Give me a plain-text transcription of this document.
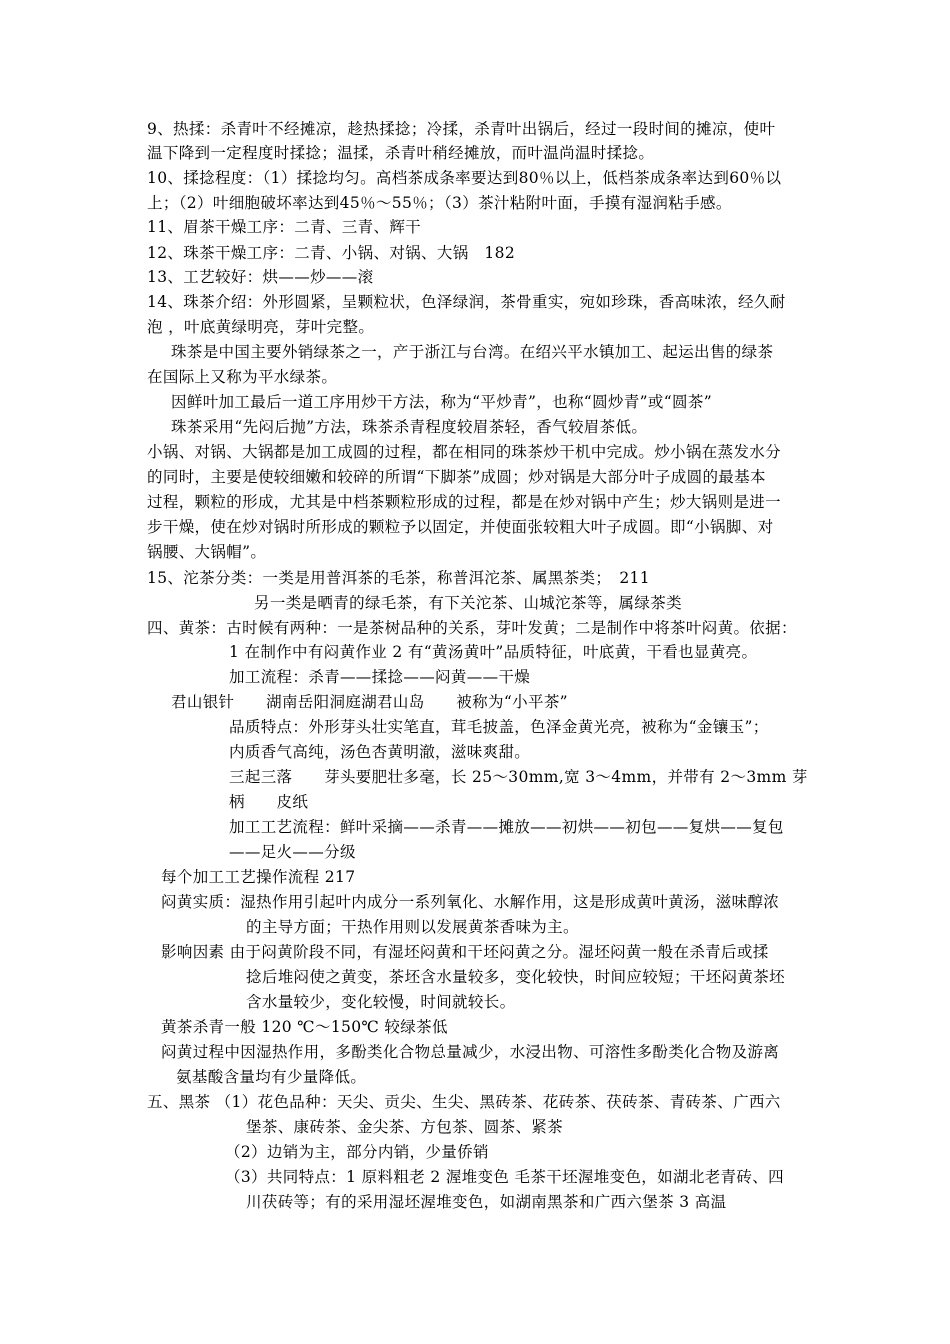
9、热揉：杀青叶不经摊凉，趁热揉捻；冷揉，杀青叶出锅后，经过一段时间的摊凉，使叶
温下降到一定程度时揉捻；温揉，杀青叶稍经摊放，而叶温尚温时揉捻。
10、揉捻程度：（1）揉捻均匀。高档茶成条率要达到80％以上，低档茶成条率达到60％以
上；（2）叶细胞破坏率达到45％～55％；（3）茶汁粘附叶面，手摸有湿润粘手感。
11、眉茶干燥工序：二青、三青、辉干
12、珠茶干燥工序：二青、小锅、对锅、大锅　182
13、工艺较好：烘——炒——滚
14、珠茶介绍：外形圆紧，呈颗粒状，色泽绿润，茶骨重实，宛如珍珠，香高味浓，经久耐
泡 ，叶底黄绿明亮，芽叶完整。
珠茶是中国主要外销绿茶之一，产于浙江与台湾。在绍兴平水镇加工、起运出售的绿茶
在国际上又称为平水绿茶。
因鲜叶加工最后一道工序用炒干方法，称为“平炒青”，也称“圆炒青”或“圆茶”
珠茶采用“先闷后抛”方法，珠茶杀青程度较眉茶轻，香气较眉茶低。
小锅、对锅、大锅都是加工成圆的过程，都在相同的珠茶炒干机中完成。炒小锅在蒸发水分
的同时，主要是使较细嫩和较碎的所谓“下脚茶”成圆；炒对锅是大部分叶子成圆的最基本
过程，颗粒的形成，尤其是中档茶颗粒形成的过程，都是在炒对锅中产生；炒大锅则是进一
步干燥，使在炒对锅时所形成的颗粒予以固定，并使面张较粗大叶子成圆。即“小锅脚、对
锅腰、大锅帽”。
15、沱茶分类：一类是用普洱茶的毛茶，称普洱沱茶、属黑茶类；　211
另一类是晒青的绿毛茶，有下关沱茶、山城沱茶等，属绿茶类
四、黄茶：古时候有两种：一是茶树品种的关系，芽叶发黄；二是制作中将茶叶闷黄。依据：
1 在制作中有闷黄作业 2 有“黄汤黄叶”品质特征，叶底黄，干看也显黄亮。
加工流程：杀青——揉捻——闷黄——干燥
君山银针　　湖南岳阳洞庭湖君山岛　　被称为“小平茶”
品质特点：外形芽头壮实笔直，茸毛披盖，色泽金黄光亮，被称为“金镶玉”；
内质香气高纯，汤色杏黄明澈，滋味爽甜。
三起三落　　芽头要肥壮多毫，长 25～30mm,宽 3～4mm，并带有 2～3mm 芽
柄　　皮纸
加工工艺流程：鲜叶采摘——杀青——摊放——初烘——初包——复烘——复包
——足火——分级
每个加工工艺操作流程 217
闷黄实质：湿热作用引起叶内成分一系列氧化、水解作用，这是形成黄叶黄汤，滋味醇浓
的主导方面；干热作用则以发展黄茶香味为主。
影响因素 由于闷黄阶段不同，有湿坯闷黄和干坯闷黄之分。湿坯闷黄一般在杀青后或揉
捻后堆闷使之黄变，茶坯含水量较多，变化较快，时间应较短；干坯闷黄茶坯
含水量较少，变化较慢，时间就较长。
黄茶杀青一般 120 ℃～150℃ 较绿茶低
闷黄过程中因湿热作用，多酚类化合物总量减少，水浸出物、可溶性多酚类化合物及游离
氨基酸含量均有少量降低。
五、黑茶 （1）花色品种：天尖、贡尖、生尖、黑砖茶、花砖茶、茯砖茶、青砖茶、广西六
堡茶、康砖茶、金尖茶、方包茶、圆茶、紧茶
（2）边销为主，部分内销，少量侨销
（3）共同特点：1 原料粗老 2 渥堆变色 毛茶干坯渥堆变色，如湖北老青砖、四
川茯砖等；有的采用湿坯渥堆变色，如湖南黑茶和广西六堡茶 3 高温
